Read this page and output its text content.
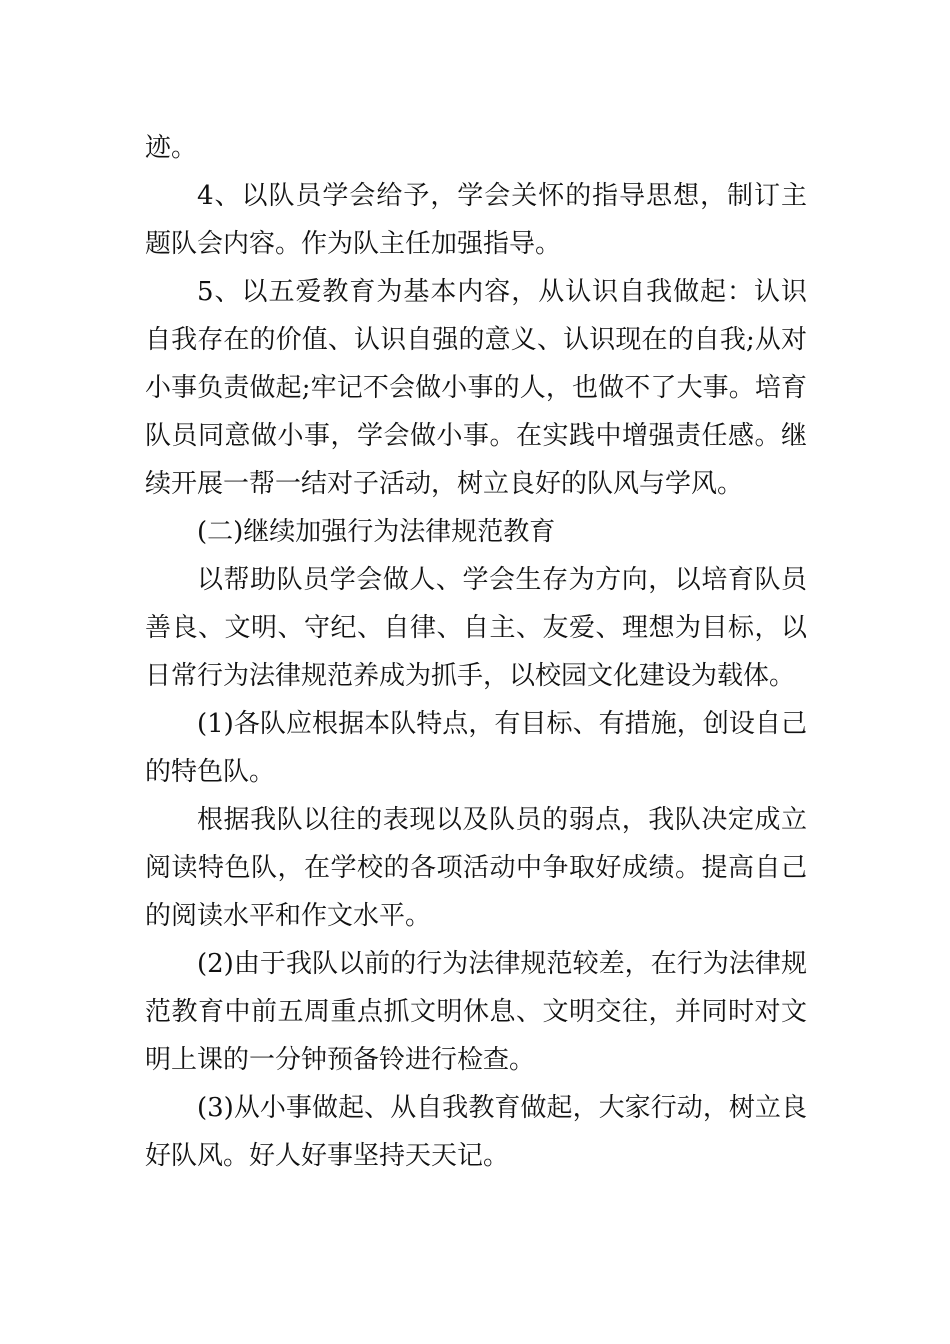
迹。

4、以队员学会给予，学会关怀的指导思想，制订主题队会内容。作为队主任加强指导。

5、以五爱教育为基本内容，从认识自我做起：认识自我存在的价值、认识自强的意义、认识现在的自我;从对小事负责做起;牢记不会做小事的人，也做不了大事。培育队员同意做小事，学会做小事。在实践中增强责任感。继续开展一帮一结对子活动，树立良好的队风与学风。

(二)继续加强行为法律规范教育

以帮助队员学会做人、学会生存为方向，以培育队员善良、文明、守纪、自律、自主、友爱、理想为目标，以日常行为法律规范养成为抓手，以校园文化建设为载体。

(1)各队应根据本队特点，有目标、有措施，创设自己的特色队。

根据我队以往的表现以及队员的弱点，我队决定成立阅读特色队，在学校的各项活动中争取好成绩。提高自己的阅读水平和作文水平。

(2)由于我队以前的行为法律规范较差，在行为法律规范教育中前五周重点抓文明休息、文明交往，并同时对文明上课的一分钟预备铃进行检查。

(3)从小事做起、从自我教育做起，大家行动，树立良好队风。好人好事坚持天天记。
